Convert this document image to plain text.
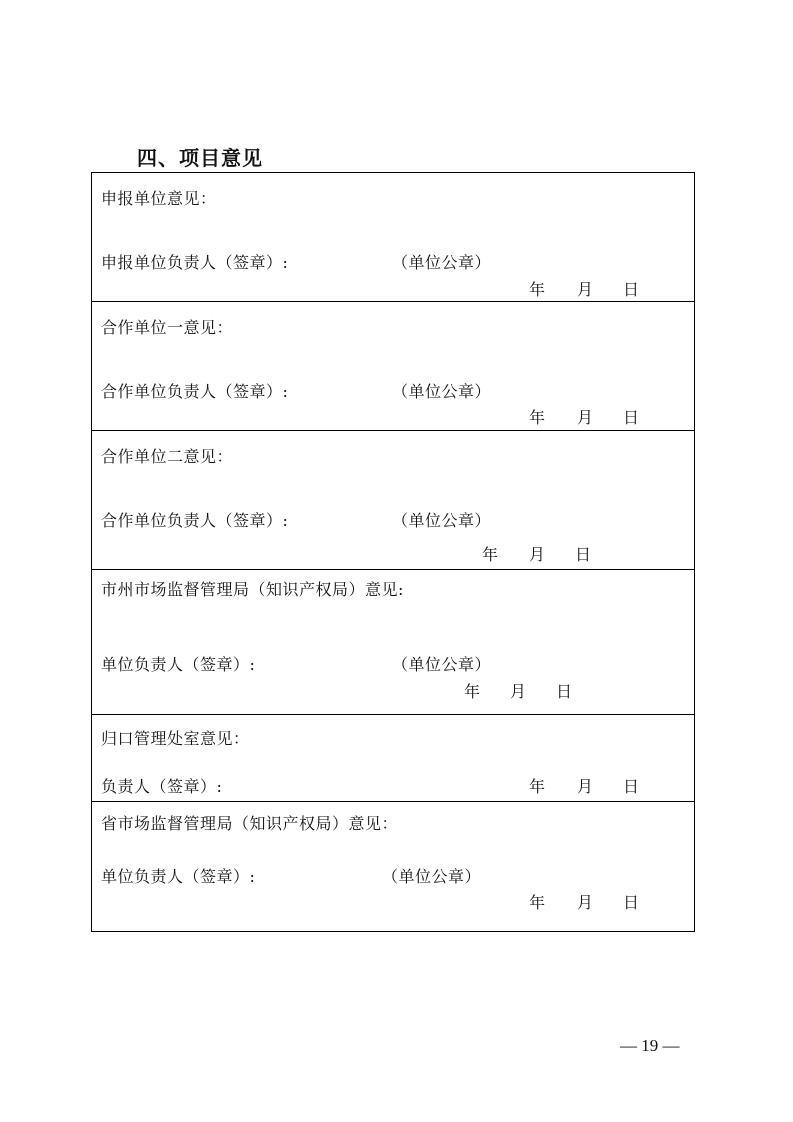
四、项目意见
申报单位意见：
申报单位负责人（签章）:	（单位公章）
年 月 日
合作单位一意见：
合作单位负责人（签章）:	（单位公章）
年 月 日
合作单位二意见：
合作单位负责人（签章）:	（单位公章）
年 月 日
市州市场监督管理局（知识产权局）意见:
单位负责人（签章）:	（单位公章）
年 月 日
归口管理处室意见：
负责人（签章）:	年 月 日
省市场监督管理局（知识产权局）意见：
单位负责人（签章）:	（单位公章）
年 月 日
— 19 —
